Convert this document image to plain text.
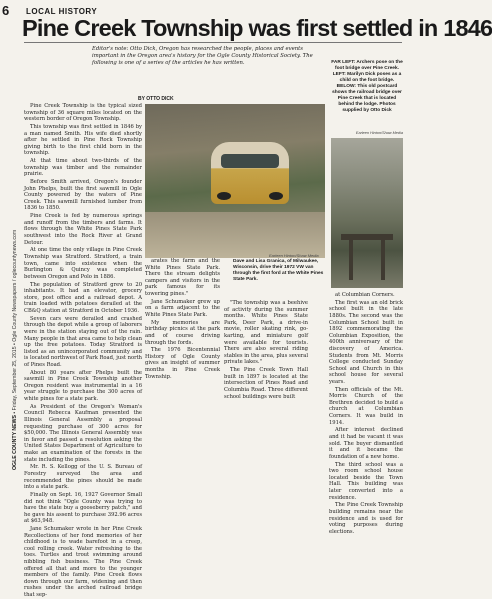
6
OGLE COUNTY NEWS • Friday, September 25, 2015 • Ogle County Newspapers / oglecountynews.com
LOCAL HISTORY
Pine Creek Township was first settled in 1846
Editor's note: Otto Dick, Oregon has researched the people, places and events important in the Oregon area's history for the Ogle County Historical Society. The following is one of a series of the articles he has written.
BY OTTO DICK

Pine Creek Township is the typical sized township of 36 square miles located on the western border of Oregon Township.

This township was first settled in 1846 by a man named Smith. His wife died shortly after he settled in Pine Rock Township giving birth to the first child born in the township.

At that time about two-thirds of the township was timber and the remainder prairie.

Before Smith arrived, Oregon's founder John Phelps, built the first sawmill in Ogle County powered by the waters of Pine Creek. This sawmill furnished lumber from 1836 to 1850.

Pine Creek is fed by numerous springs and runoff from the timbers and farms. It flows through the White Pines State Park southwest into the Rock River at Grand Detour.

At one time the only village in Pine Creek Township was Stratford. Stratford, a train town, came into existence when the Burlington & Quincy was completed between Oregon and Polo in 1886.

The population of Stratford grew to 20 inhabitants. It had an elevator, grocery store, post office and a railroad depot. A train loaded with potatoes derailed at the CB&Q station at Stratford in October 1936.

Seven cars were derailed and crashed through the depot while a group of laborers were in the station staying out of the rain. Many people in that area came to help clean up the free potatoes. Today Stratford is listed as an unincorporated community and is located northwest of Park Road, just north of Pines Road.

About 80 years after Phelps built the sawmill in Pine Creek Township another Oregon resident was instrumental in a 16 year struggle to purchase the 300 acres of white pines for a state park.

As President of the Oregon's Woman's Council Rebecca Kaufman presented the Illinois General Assembly a proposal requesting purchase of 300 acres for $50,000. The Illinois General Assembly was in favor and passed a resolution asking the United States Department of Agriculture to make an examination of the forests in the state including the pines.

Mr. R. S. Kellogg of the U. S. Bureau of Forestry surveyed the area and recommended the pines should be made into a state park.

Finally on Sept. 16, 1927 Governor Small did not think "Ogle County was trying to have the state buy a gooseberry patch," and he gave his assent to purchase 392.96 acres at $63,948.

Jane Schumaker wrote in her Pine Creek Recollections of her fond memories of her childhood is to wade barefoot in a creep, cool rolling creek. Water refreshing to the toes. Turtles and trout swimming around nibbling fish business. The Pine Creek offered all that and more to the younger members of the family. Pine Creek flows down through our farm, widening and then rushes under the arched railroad bridge that sep-

Earleen Hinton/Shaw Media
Dave and Lisa Granica, of Milwaukee, Wisconsin, drive their 1972 VW van through the first ford at the White Pines State Park.

arates the farm and the White Pines State Park. There the stream delights campers and visitors in the park famous for its towering pines."

Jane Schumaker grew up on a farm adjacent to the White Pines State Park.

My memories are birthday picnics at the park and of course driving through the fords.

The 1976 Bicentennial History of Ogle County gives an insight of summer months in Pine Creek Township.

"The township was a beehive of activity during the summer months. White Pines State Park, Deer Park, a drive-in movie, roller skating rink, go-karting, and miniature golf were available for tourists. There are also several riding stables in the area, plus several private lakes."

The Pine Creek Town Hall built in 1897 is located at the intersection of Pines Road and Columbia Road. Three different school buildings were built

FAR LEFT: Archers pose on the foot bridge over Pine Creek. LEFT: Marilyn Dick poses as a child on the foot bridge. BELOW: This old postcard shows the railroad bridge over Pine Creek that is located behind the lodge. Photos supplied by Otto Dick
Earleen Hinton/Shaw Media

at Columbian Corners.

The first was an old brick school built in the late 1880s. The second was the Columbian School built in 1892 commemorating the Columbian Exposition, the 400th anniversary of the discovery of America. Students from Mt. Morris College conducted Sunday School and Church in this school house for several years.

Then officials of the Mt. Morris Church of the Brethren decided to build a church at Columbian Corners. It was build in 1914.

After interest declined and it had be vacant it was sold. The buyer dismantled it and it became the foundation of a new home.

The third school was a two room school house located beside the Town Hall. This building was later converted into a residence.

The Pine Creek Township building remains near the residence and is used for voting purposes during elections.
